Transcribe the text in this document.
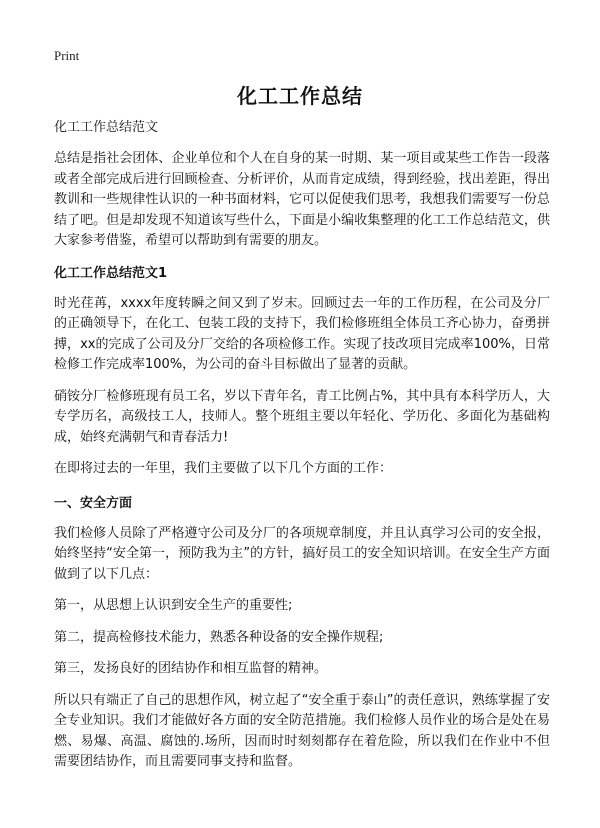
Print
化工工作总结

化工工作总结范文

总结是指社会团体、企业单位和个人在自身的某一时期、某一项目或某些工作告一段落或者全部完成后进行回顾检查、分析评价，从而肯定成绩，得到经验，找出差距，得出教训和一些规律性认识的一种书面材料，它可以促使我们思考，我想我们需要写一份总结了吧。但是却发现不知道该写些什么，下面是小编收集整理的化工工作总结范文，供大家参考借鉴，希望可以帮助到有需要的朋友。

化工工作总结范文1

时光荏苒，xxxx年度转瞬之间又到了岁末。回顾过去一年的工作历程，在公司及分厂的正确领导下，在化工、包装工段的支持下，我们检修班组全体员工齐心协力，奋勇拼搏，xx的完成了公司及分厂交给的各项检修工作。实现了技改项目完成率100%，日常检修工作完成率100%，为公司的奋斗目标做出了显著的贡献。

硝铵分厂检修班现有员工名，岁以下青年名，青工比例占%，其中具有本科学历人，大专学历名，高级技工人，技师人。整个班组主要以年轻化、学历化、多面化为基础构成，始终充满朝气和青春活力!

在即将过去的一年里，我们主要做了以下几个方面的工作：

一、安全方面

我们检修人员除了严格遵守公司及分厂的各项规章制度，并且认真学习公司的安全报，始终坚持“安全第一，预防我为主”的方针，搞好员工的安全知识培训。在安全生产方面做到了以下几点：

第一，从思想上认识到安全生产的重要性;

第二，提高检修技术能力，熟悉各种设备的安全操作规程;

第三，发扬良好的团结协作和相互监督的精神。

所以只有端正了自己的思想作风，树立起了“安全重于泰山”的责任意识，熟练掌握了安全专业知识。我们才能做好各方面的安全防范措施。我们检修人员作业的场合是处在易燃、易爆、高温、腐蚀的.场所，因而时时刻刻都存在着危险，所以我们在作业中不但需要团结协作，而且需要同事支持和监督。
